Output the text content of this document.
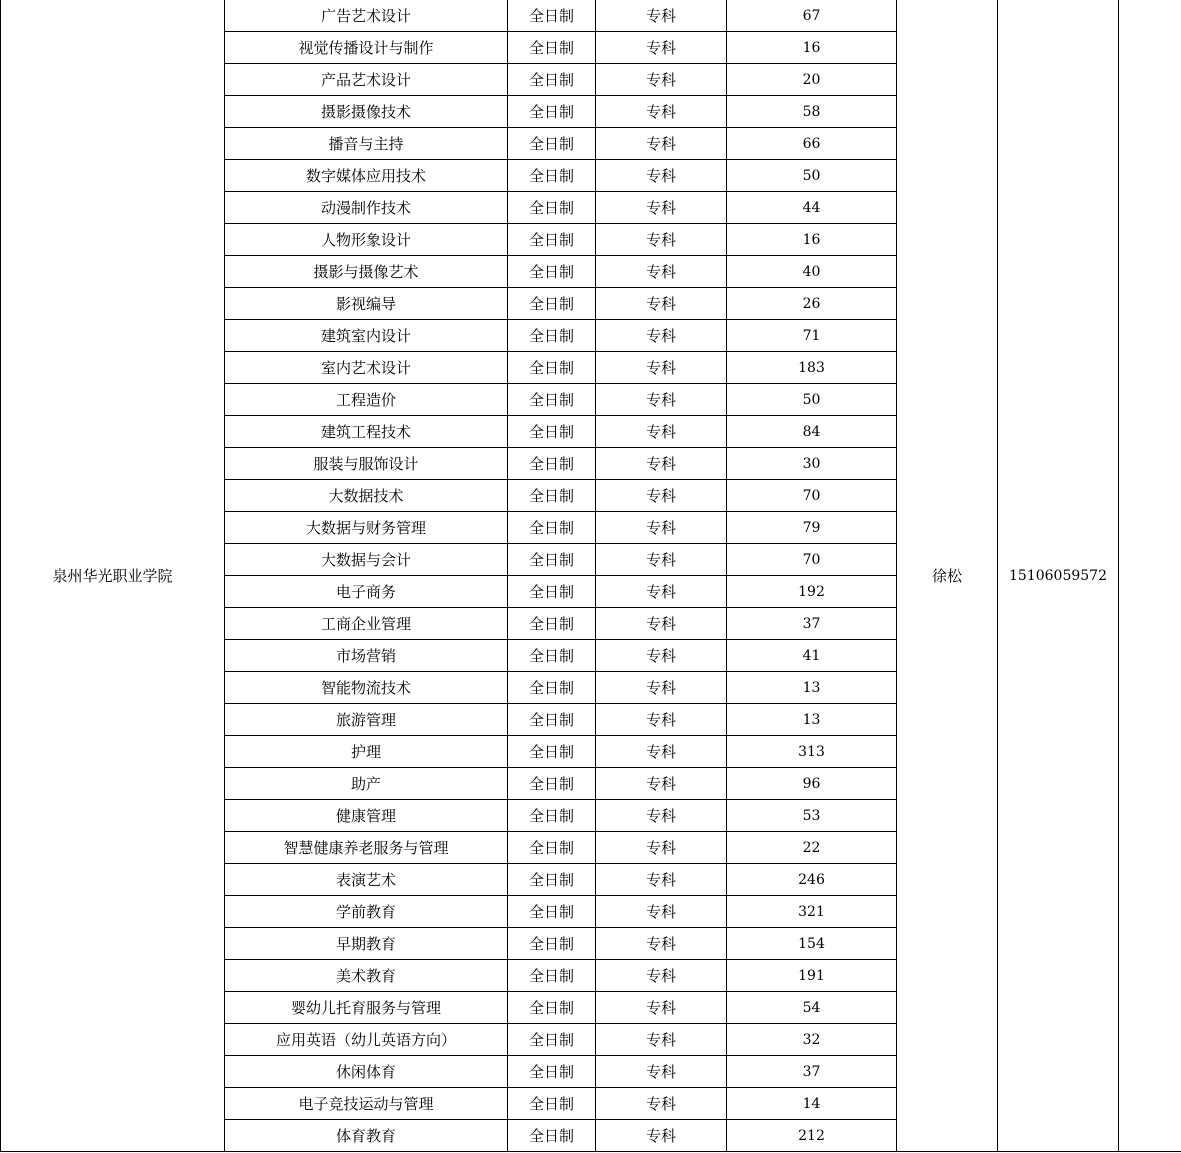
泉州华光职业学院	广告艺术设计	全日制	专科	67	徐松	15106059572	
	视觉传播设计与制作	全日制	专科	16			
	产品艺术设计	全日制	专科	20			
	摄影摄像技术	全日制	专科	58			
	播音与主持	全日制	专科	66			
	数字媒体应用技术	全日制	专科	50			
	动漫制作技术	全日制	专科	44			
	人物形象设计	全日制	专科	16			
	摄影与摄像艺术	全日制	专科	40			
	影视编导	全日制	专科	26			
	建筑室内设计	全日制	专科	71			
	室内艺术设计	全日制	专科	183			
	工程造价	全日制	专科	50			
	建筑工程技术	全日制	专科	84			
	服装与服饰设计	全日制	专科	30			
	大数据技术	全日制	专科	70			
	大数据与财务管理	全日制	专科	79			
	大数据与会计	全日制	专科	70			
	电子商务	全日制	专科	192			
	工商企业管理	全日制	专科	37			
	市场营销	全日制	专科	41			
	智能物流技术	全日制	专科	13			
	旅游管理	全日制	专科	13			
	护理	全日制	专科	313			
	助产	全日制	专科	96			
	健康管理	全日制	专科	53			
	智慧健康养老服务与管理	全日制	专科	22			
	表演艺术	全日制	专科	246			
	学前教育	全日制	专科	321			
	早期教育	全日制	专科	154			
	美术教育	全日制	专科	191			
	婴幼儿托育服务与管理	全日制	专科	54			
	应用英语（幼儿英语方向）	全日制	专科	32			
	休闲体育	全日制	专科	37			
	电子竞技运动与管理	全日制	专科	14			
	体育教育	全日制	专科	212			
